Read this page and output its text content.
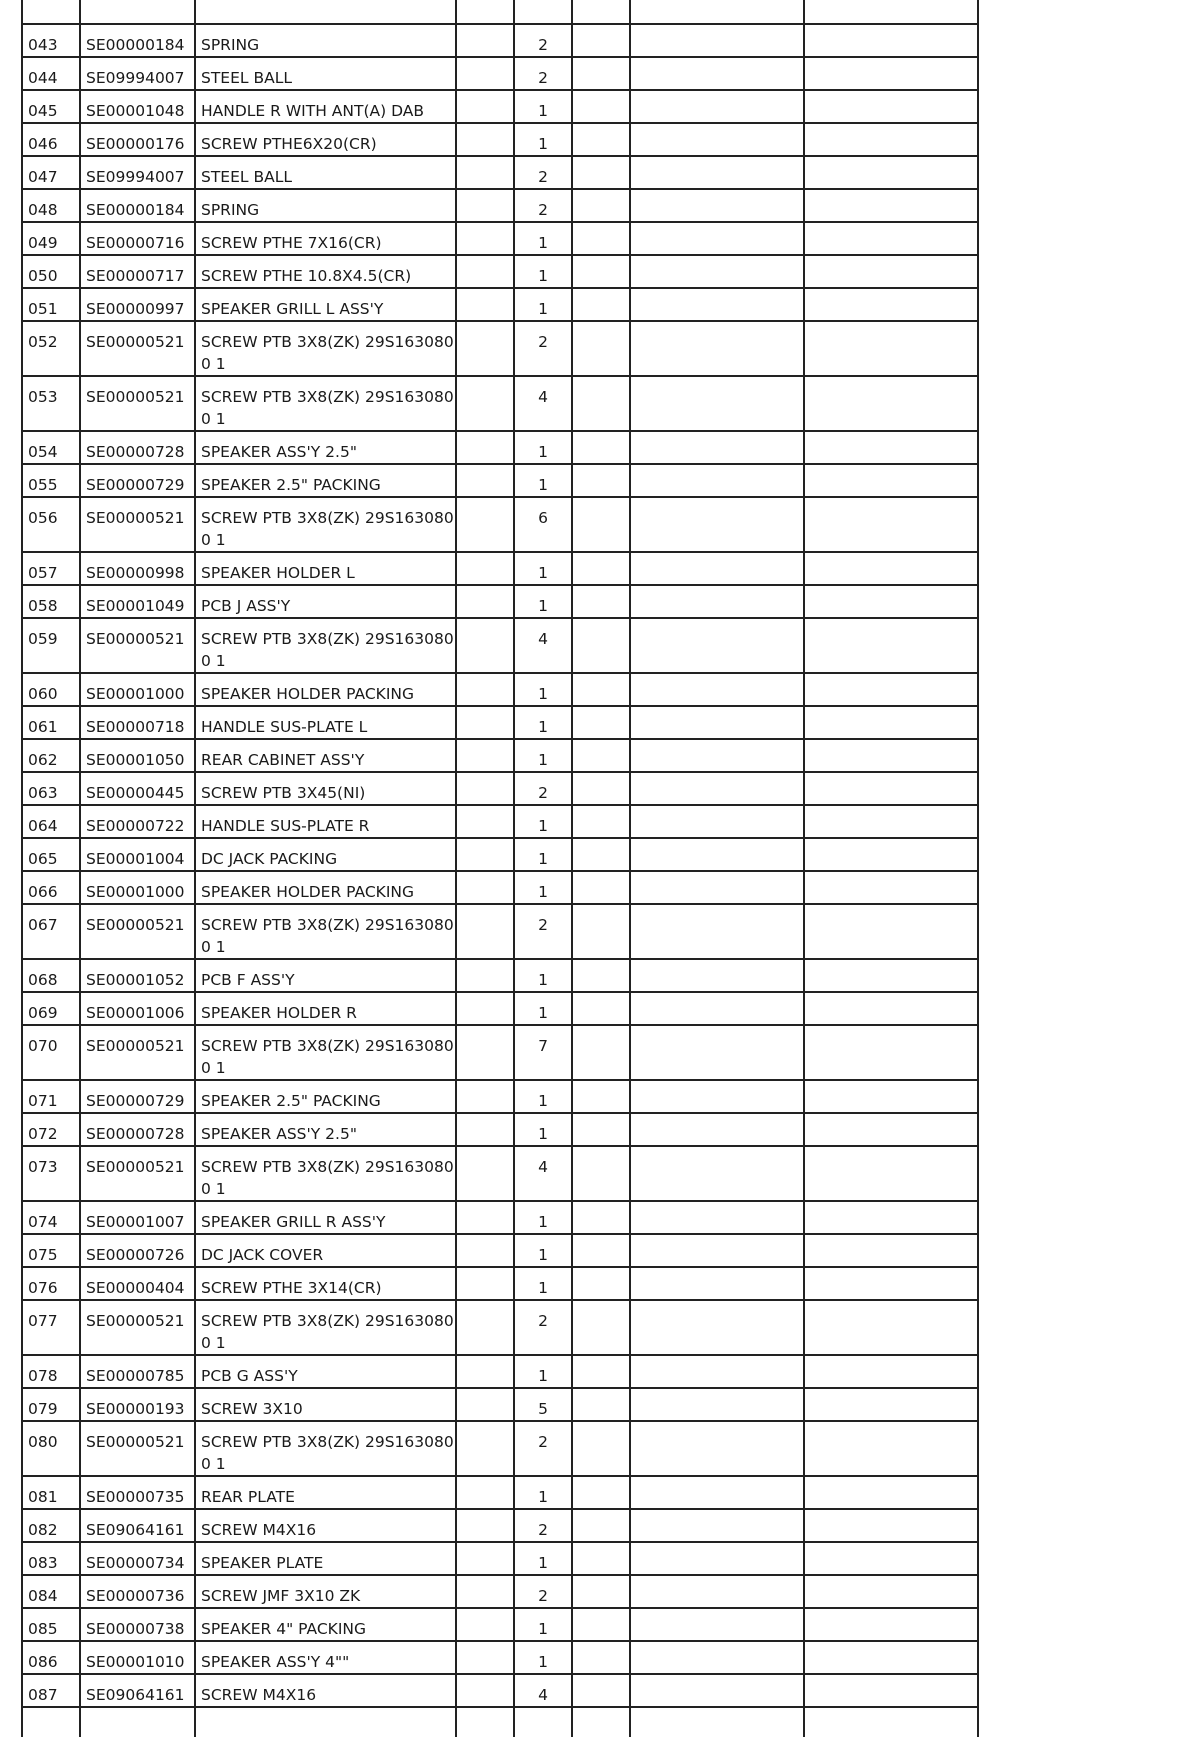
043	SE00000184	SPRING		2			
044	SE09994007	STEEL BALL		2			
045	SE00001048	HANDLE R WITH ANT(A) DAB		1			
046	SE00000176	SCREW PTHE6X20(CR)		1			
047	SE09994007	STEEL BALL		2			
048	SE00000184	SPRING		2			
049	SE00000716	SCREW PTHE 7X16(CR)		1			
050	SE00000717	SCREW PTHE 10.8X4.5(CR)		1			
051	SE00000997	SPEAKER GRILL L ASS'Y		1			
052	SE00000521	SCREW PTB 3X8(ZK) 29S1630800 1		2			
053	SE00000521	SCREW PTB 3X8(ZK) 29S1630800 1		4			
054	SE00000728	SPEAKER ASS'Y 2.5"		1			
055	SE00000729	SPEAKER 2.5" PACKING		1			
056	SE00000521	SCREW PTB 3X8(ZK) 29S1630800 1		6			
057	SE00000998	SPEAKER HOLDER L		1			
058	SE00001049	PCB J ASS'Y		1			
059	SE00000521	SCREW PTB 3X8(ZK) 29S1630800 1		4			
060	SE00001000	SPEAKER HOLDER PACKING		1			
061	SE00000718	HANDLE SUS-PLATE L		1			
062	SE00001050	REAR CABINET ASS'Y		1			
063	SE00000445	SCREW PTB 3X45(NI)		2			
064	SE00000722	HANDLE SUS-PLATE R		1			
065	SE00001004	DC JACK PACKING		1			
066	SE00001000	SPEAKER HOLDER PACKING		1			
067	SE00000521	SCREW PTB 3X8(ZK) 29S1630800 1		2			
068	SE00001052	PCB F ASS'Y		1			
069	SE00001006	SPEAKER HOLDER R		1			
070	SE00000521	SCREW PTB 3X8(ZK) 29S1630800 1		7			
071	SE00000729	SPEAKER 2.5" PACKING		1			
072	SE00000728	SPEAKER ASS'Y 2.5"		1			
073	SE00000521	SCREW PTB 3X8(ZK) 29S1630800 1		4			
074	SE00001007	SPEAKER GRILL R ASS'Y		1			
075	SE00000726	DC JACK COVER		1			
076	SE00000404	SCREW PTHE 3X14(CR)		1			
077	SE00000521	SCREW PTB 3X8(ZK) 29S1630800 1		2			
078	SE00000785	PCB G ASS'Y		1			
079	SE00000193	SCREW 3X10		5			
080	SE00000521	SCREW PTB 3X8(ZK) 29S1630800 1		2			
081	SE00000735	REAR PLATE		1			
082	SE09064161	SCREW M4X16		2			
083	SE00000734	SPEAKER PLATE		1			
084	SE00000736	SCREW JMF 3X10 ZK		2			
085	SE00000738	SPEAKER 4" PACKING		1			
086	SE00001010	SPEAKER ASS'Y 4""		1			
087	SE09064161	SCREW M4X16		4			
